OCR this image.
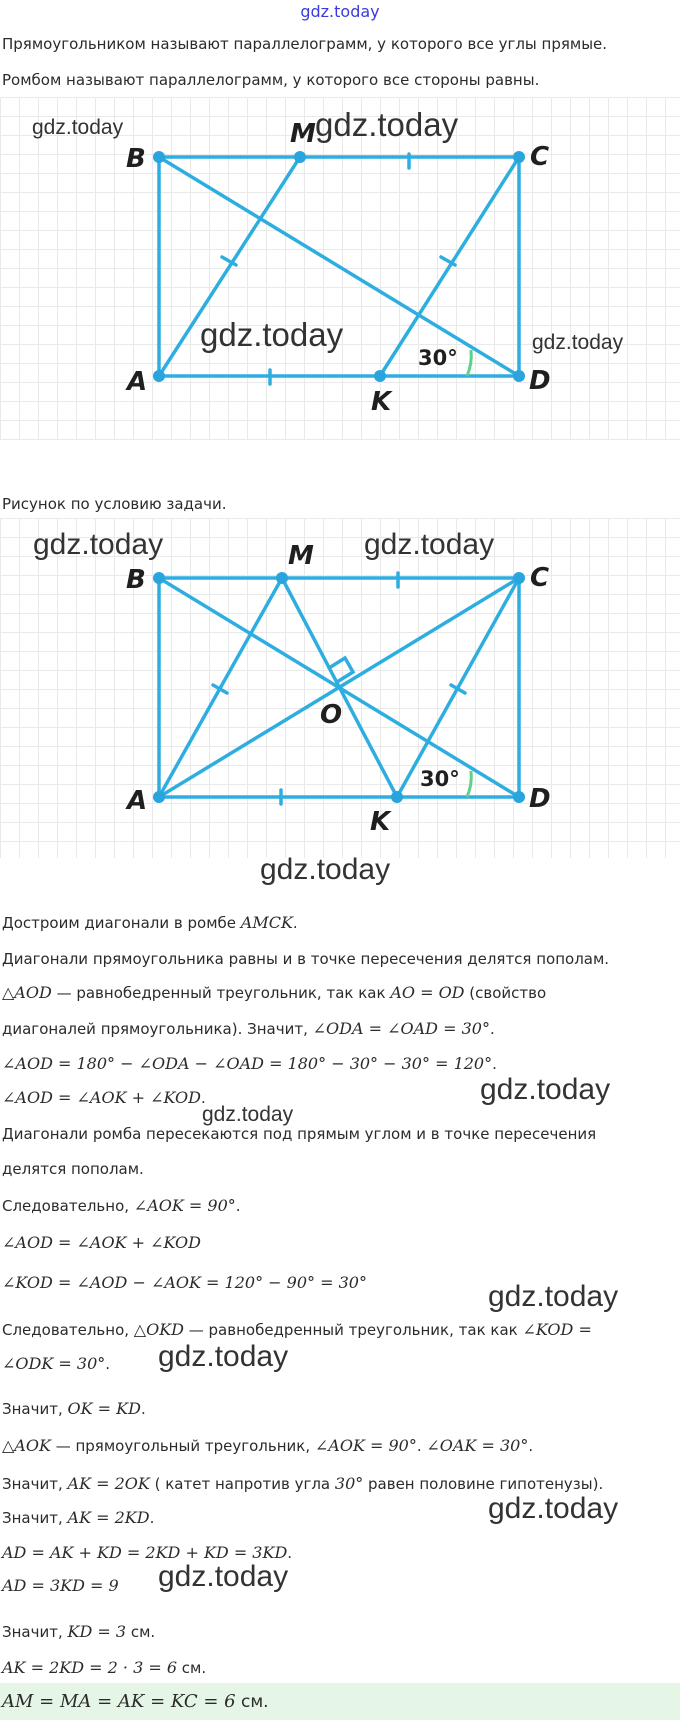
gdz.today
Прямоугольником называют параллелограмм, у которого все углы прямые.
Ромбом называют параллелограмм, у которого все стороны равны.
B
M
C
A
K
D
30°
gdz.today	gdz.today
gdz.today	gdz.today
Рисунок по условию задачи.
B
M
C
A
K
D
O
30°
gdz.today	gdz.today
gdz.today
Достроим диагонали в ромбе AMCK.
Диагонали прямоугольника равны и в точке пересечения делятся пополам.
△AOD — равнобедренный треугольник, так как AO = OD (свойство
диагоналей прямоугольника). Значит, ∠ODA = ∠OAD = 30°.
∠AOD = 180° − ∠ODA − ∠OAD = 180° − 30° − 30° = 120°.
∠AOD = ∠AOK + ∠KOD.	gdz.today
gdz.today
Диагонали ромба пересекаются под прямым углом и в точке пересечения
делятся пополам.
Следовательно, ∠AOK = 90°.
∠AOD = ∠AOK + ∠KOD
∠KOD = ∠AOD − ∠AOK = 120° − 90° = 30°	gdz.today
Следовательно, △OKD — равнобедренный треугольник, так как ∠KOD =
∠ODK = 30°. gdz.today
Значит, OK = KD.
△AOK — прямоугольный треугольник, ∠AOK = 90°. ∠OAK = 30°.
Значит, AK = 2OK ( катет напротив угла 30° равен половине гипотенузы).
Значит, AK = 2KD.	gdz.today
AD = AK + KD = 2KD + KD = 3KD.
AD = 3KD = 9 gdz.today
Значит, KD = 3 см.
AK = 2KD = 2 · 3 = 6 см.
AM = MA = AK = KC = 6 см.
